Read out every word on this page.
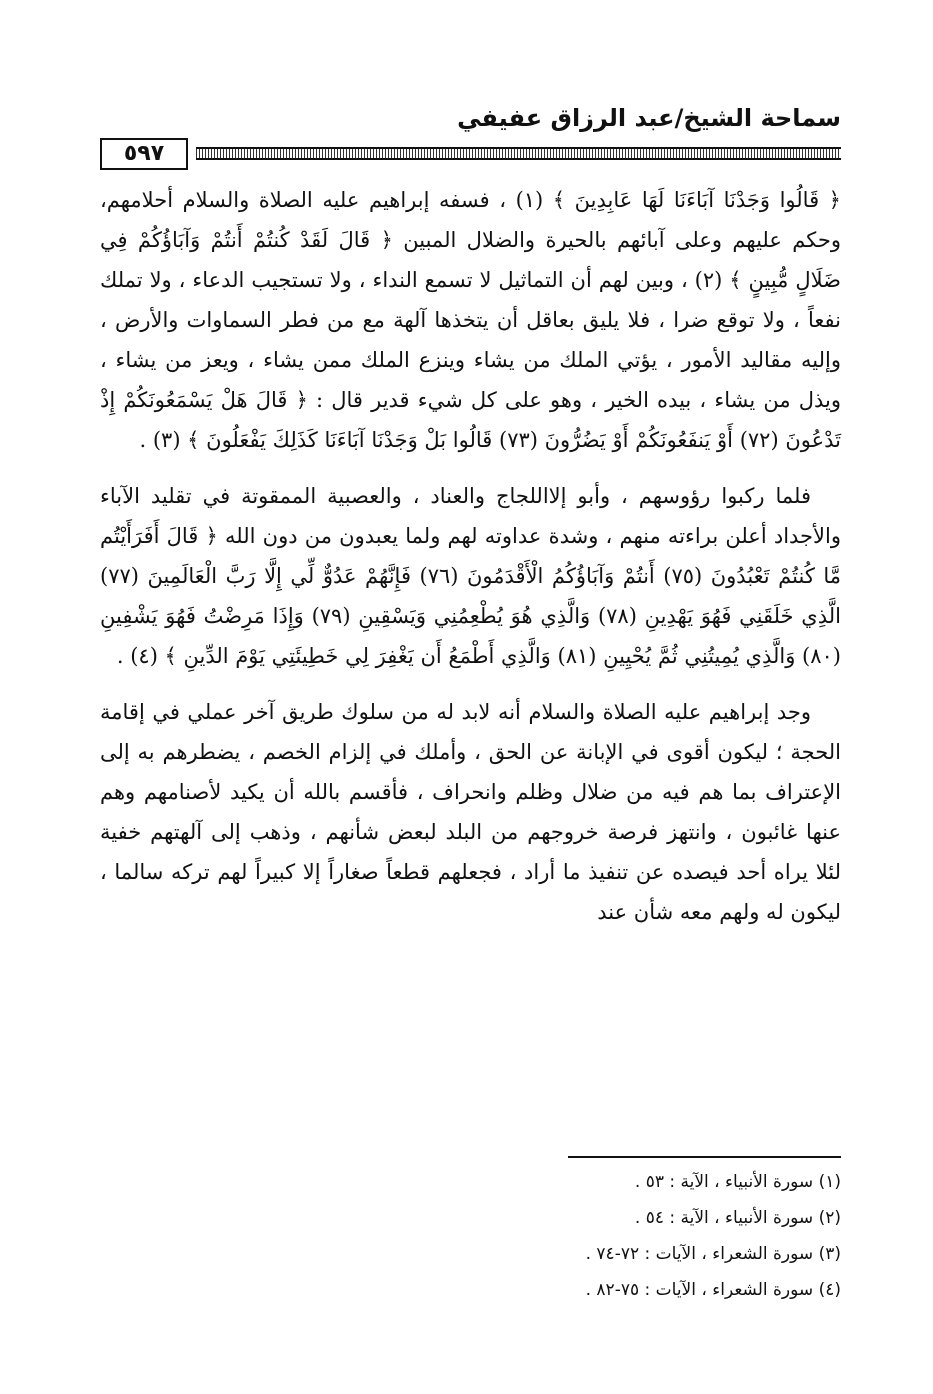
سماحة الشيخ/عبد الرزاق عفيفي
٥٩٧

﴿ قَالُوا وَجَدْنَا آبَاءَنَا لَهَا عَابِدِينَ ﴾ (١) ، فسفه إبراهيم عليه الصلاة والسلام أحلامهم، وحكم عليهم وعلى آبائهم بالحيرة والضلال المبين ﴿ قَالَ لَقَدْ كُنتُمْ أَنتُمْ وَآبَاؤُكُمْ فِي ضَلَالٍ مُّبِينٍ ﴾ (٢) ، وبين لهم أن التماثيل لا تسمع النداء ، ولا تستجيب الدعاء ، ولا تملك نفعاً ، ولا توقع ضرا ، فلا يليق بعاقل أن يتخذها آلهة مع من فطر السماوات والأرض ، وإليه مقاليد الأمور ، يؤتي الملك من يشاء وينزع الملك ممن يشاء ، ويعز من يشاء ، ويذل من يشاء ، بيده الخير ، وهو على كل شيء قدير قال : ﴿ قَالَ هَلْ يَسْمَعُونَكُمْ إِذْ تَدْعُونَ (٧٢) أَوْ يَنفَعُونَكُمْ أَوْ يَضُرُّونَ (٧٣) قَالُوا بَلْ وَجَدْنَا آبَاءَنَا كَذَلِكَ يَفْعَلُونَ ﴾ (٣) .

فلما ركبوا رؤوسهم ، وأبو إلااللجاج والعناد ، والعصبية الممقوتة في تقليد الآباء والأجداد أعلن براءته منهم ، وشدة عداوته لهم ولما يعبدون من دون الله ﴿ قَالَ أَفَرَأَيْتُم مَّا كُنتُمْ تَعْبُدُونَ (٧٥) أَنتُمْ وَآبَاؤُكُمُ الْأَقْدَمُونَ (٧٦) فَإِنَّهُمْ عَدُوٌّ لِّي إِلَّا رَبَّ الْعَالَمِينَ (٧٧) الَّذِي خَلَقَنِي فَهُوَ يَهْدِينِ (٧٨) وَالَّذِي هُوَ يُطْعِمُنِي وَيَسْقِينِ (٧٩) وَإِذَا مَرِضْتُ فَهُوَ يَشْفِينِ (٨٠) وَالَّذِي يُمِيتُنِي ثُمَّ يُحْيِينِ (٨١) وَالَّذِي أَطْمَعُ أَن يَغْفِرَ لِي خَطِيئَتِي يَوْمَ الدِّينِ ﴾ (٤) .

وجد إبراهيم عليه الصلاة والسلام أنه لابد له من سلوك طريق آخر عملي في إقامة الحجة ؛ ليكون أقوى في الإبانة عن الحق ، وأملك في إلزام الخصم ، يضطرهم به إلى الإعتراف بما هم فيه من ضلال وظلم وانحراف ، فأقسم بالله أن يكيد لأصنامهم وهم عنها غائبون ، وانتهز فرصة خروجهم من البلد لبعض شأنهم ، وذهب إلى آلهتهم خفية لئلا يراه أحد فيصده عن تنفيذ ما أراد ، فجعلهم قطعاً صغاراً إلا كبيراً لهم تركه سالما ، ليكون له ولهم معه شأن عند

(١) سورة الأنبياء ، الآية : ٥٣ .
(٢) سورة الأنبياء ، الآية : ٥٤ .
(٣) سورة الشعراء ، الآيات : ٧٢-٧٤ .
(٤) سورة الشعراء ، الآيات : ٧٥-٨٢ .
